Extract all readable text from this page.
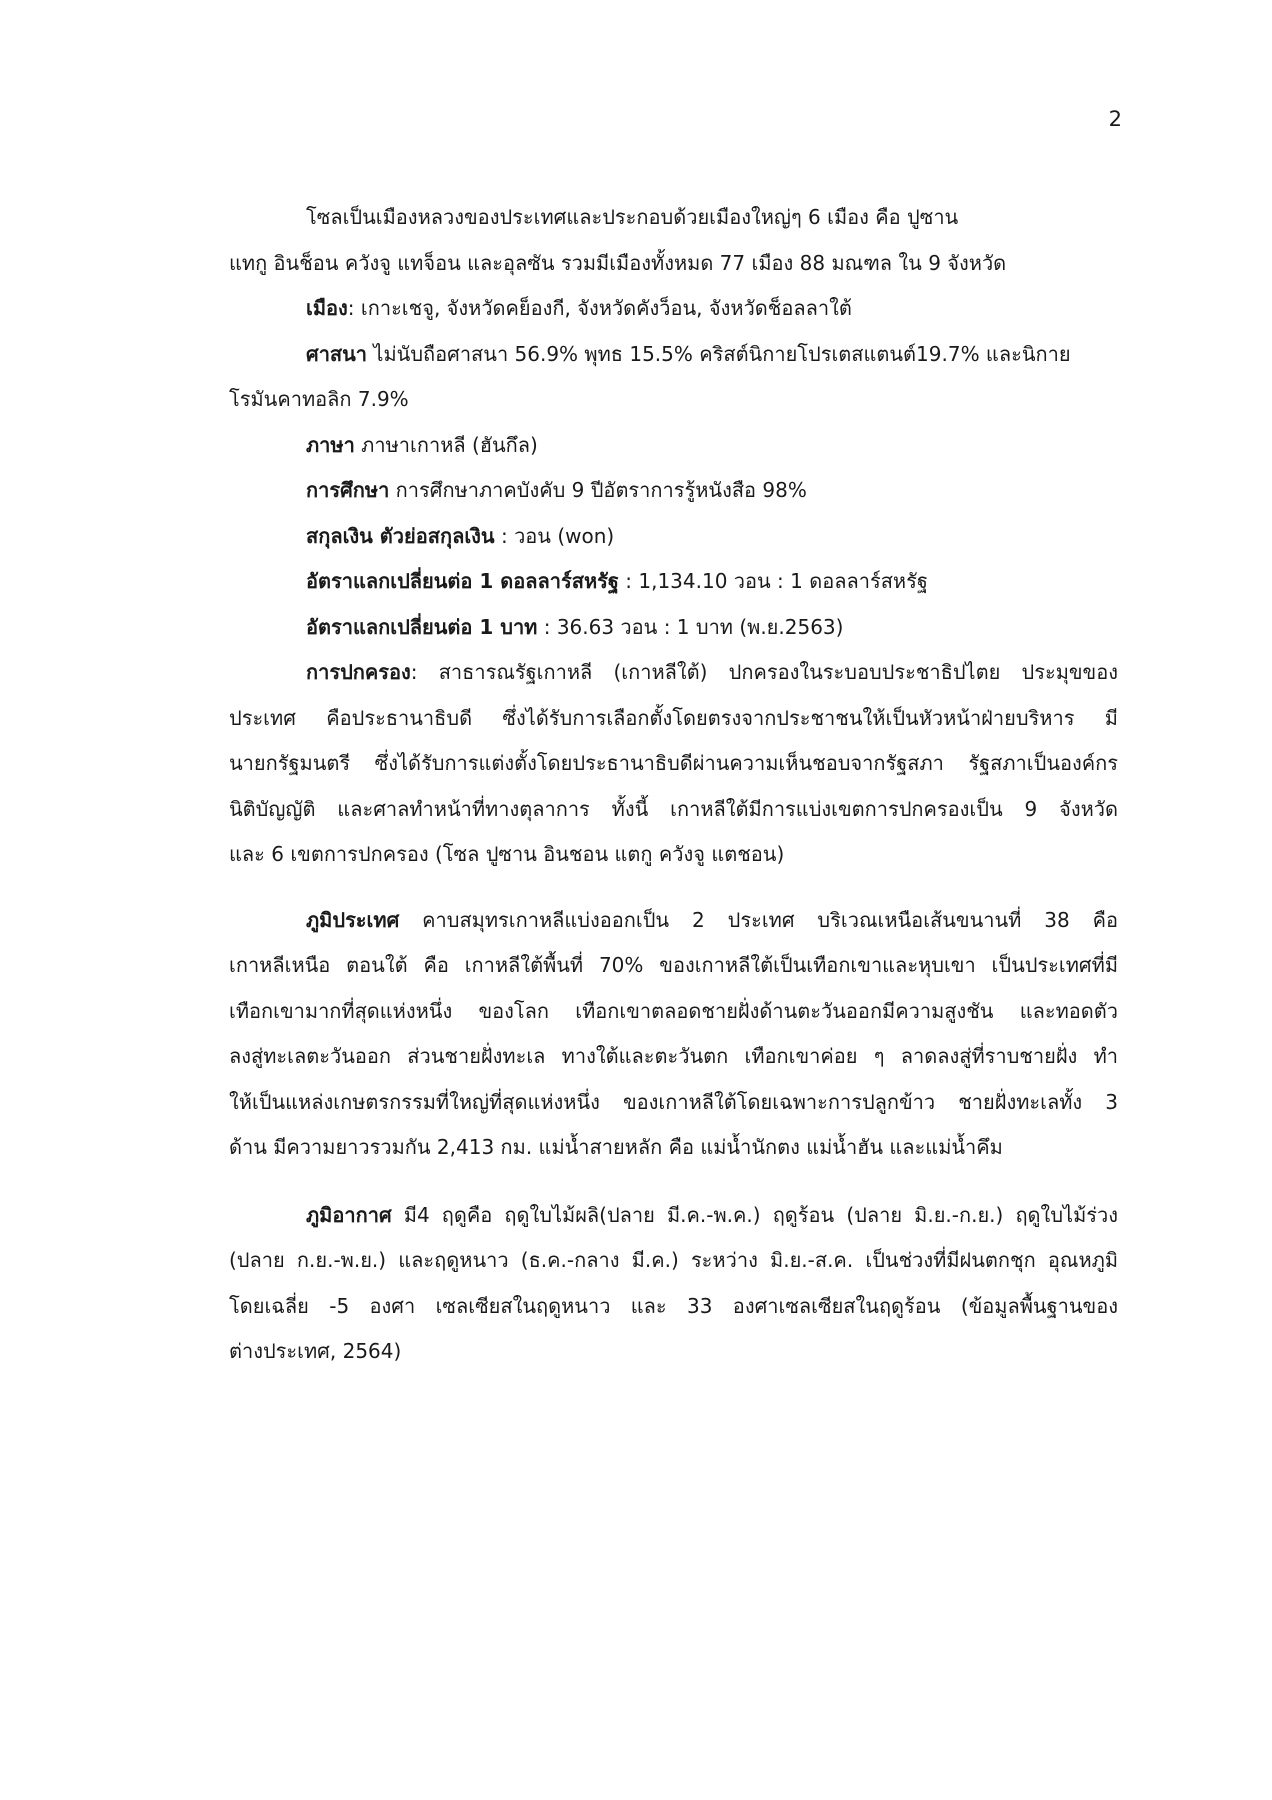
2
โซลเป็นเมืองหลวงของประเทศและประกอบด้วยเมืองใหญ่ๆ 6 เมือง คือ ปูซาน
แทกู อินช็อน ควังจู แทจ็อน และอุลซัน รวมมีเมืองทั้งหมด 77 เมือง 88 มณฑล ใน 9 จังหวัด
เมือง: เกาะเชจู, จังหวัดคย็องกี, จังหวัดคังว็อน, จังหวัดช็อลลาใต้
ศาสนา ไม่นับถือศาสนา 56.9% พุทธ 15.5% คริสต์นิกายโปรเตสแตนต์19.7% และนิกาย
โรมันคาทอลิก 7.9%
ภาษา ภาษาเกาหลี (ฮันกึล)
การศึกษา การศึกษาภาคบังคับ 9 ปีอัตราการรู้หนังสือ 98%
สกุลเงิน ตัวย่อสกุลเงิน : วอน (won)
อัตราแลกเปลี่ยนต่อ 1 ดอลลาร์สหรัฐ : 1,134.10 วอน : 1 ดอลลาร์สหรัฐ
อัตราแลกเปลี่ยนต่อ 1 บาท : 36.63 วอน : 1 บาท (พ.ย.2563)
การปกครอง: สาธารณรัฐเกาหลี (เกาหลีใต้) ปกครองในระบอบประชาธิปไตย ประมุขของ
ประเทศ คือประธานาธิบดี ซึ่งได้รับการเลือกตั้งโดยตรงจากประชาชนให้เป็นหัวหน้าฝ่ายบริหาร มี
นายกรัฐมนตรี ซึ่งได้รับการแต่งตั้งโดยประธานาธิบดีผ่านความเห็นชอบจากรัฐสภา รัฐสภาเป็นองค์กร
นิติบัญญัติ และศาลทำหน้าที่ทางตุลาการ ทั้งนี้ เกาหลีใต้มีการแบ่งเขตการปกครองเป็น 9 จังหวัด
และ 6 เขตการปกครอง (โซล ปูซาน อินชอน แตกู ควังจู แตชอน)
ภูมิประเทศ คาบสมุทรเกาหลีแบ่งออกเป็น 2 ประเทศ บริเวณเหนือเส้นขนานที่ 38 คือ
เกาหลีเหนือ ตอนใต้ คือ เกาหลีใต้พื้นที่ 70% ของเกาหลีใต้เป็นเทือกเขาและหุบเขา เป็นประเทศที่มี
เทือกเขามากที่สุดแห่งหนึ่ง ของโลก เทือกเขาตลอดชายฝั่งด้านตะวันออกมีความสูงชัน และทอดตัว
ลงสู่ทะเลตะวันออก ส่วนชายฝั่งทะเล ทางใต้และตะวันตก เทือกเขาค่อย ๆ ลาดลงสู่ที่ราบชายฝั่ง ทำ
ให้เป็นแหล่งเกษตรกรรมที่ใหญ่ที่สุดแห่งหนึ่ง ของเกาหลีใต้โดยเฉพาะการปลูกข้าว ชายฝั่งทะเลทั้ง 3
ด้าน มีความยาวรวมกัน 2,413 กม. แม่น้ำสายหลัก คือ แม่น้ำนักตง แม่น้ำฮัน และแม่น้ำคึม
ภูมิอากาศ มี4 ฤดูคือ ฤดูใบไม้ผลิ(ปลาย มี.ค.-พ.ค.) ฤดูร้อน (ปลาย มิ.ย.-ก.ย.) ฤดูใบไม้ร่วง
(ปลาย ก.ย.-พ.ย.) และฤดูหนาว (ธ.ค.-กลาง มี.ค.) ระหว่าง มิ.ย.-ส.ค. เป็นช่วงที่มีฝนตกชุก อุณหภูมิ
โดยเฉลี่ย -5 องศา เซลเซียสในฤดูหนาว และ 33 องศาเซลเซียสในฤดูร้อน (ข้อมูลพื้นฐานของ
ต่างประเทศ, 2564)
